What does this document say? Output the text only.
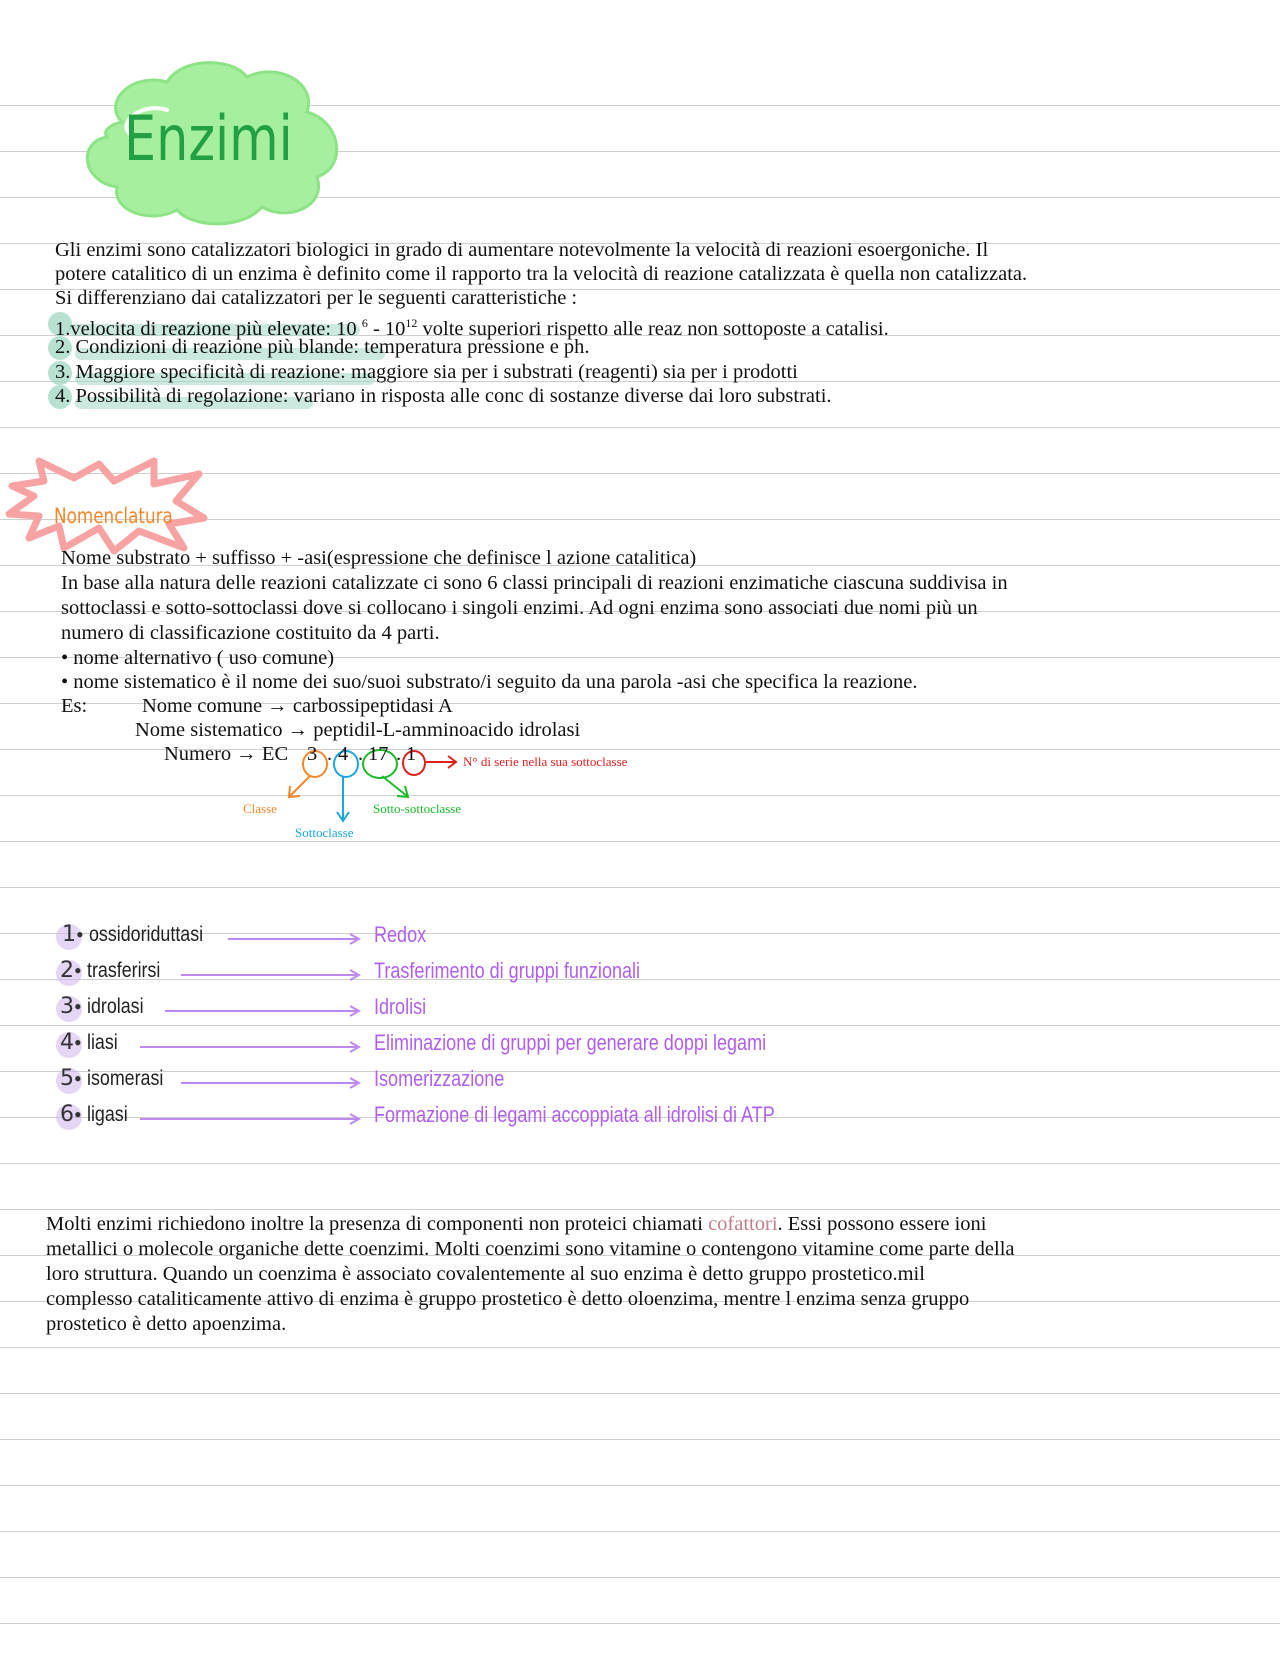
Enzimi
Gli enzimi sono catalizzatori biologici in grado di aumentare notevolmente la velocità di reazioni esoergoniche. Il
potere catalitico di un enzima è definito come il rapporto tra la velocità di reazione catalizzata è quella non catalizzata.
Si differenziano dai catalizzatori per le seguenti caratteristiche :
1.velocita di reazione più elevate: 10 $^6 - 10^{12}$ volte superiori rispetto alle reaz non sottoposte a catalisi.
2. Condizioni di reazione più blande: temperatura pressione e ph.
3. Maggiore specificità di reazione: maggiore sia per i substrati (reagenti) sia per i prodotti
4. Possibilità di regolazione: variano in risposta alle conc di sostanze diverse dai loro substrati.
Nomenclatura
Nome substrato + suffisso + -asi(espressione che definisce l azione catalitica)
In base alla natura delle reazioni catalizzate ci sono 6 classi principali di reazioni enzimatiche ciascuna suddivisa in
sottoclassi e sotto-sottoclassi dove si collocano i singoli enzimi. Ad ogni enzima sono associati due nomi più un
numero di classificazione costituito da 4 parti.
• nome alternativo ( uso comune)
• nome sistematico è il nome dei suo/suoi substrato/i seguito da una parola -asi che specifica la reazione.
Es:	Nome comune → carbossipeptidasi A
Nome sistematico → peptidil-L-amminoacido idrolasi
Numero → EC 3 . 4 . 17 . 1	N° di serie nella sua sottoclasse
Classe
Sottoclasse
Sotto-sottoclasse
1 • ossidoriduttasi	Redox
2 • trasferirsi	Trasferimento di gruppi funzionali
3 • idrolasi	Idrolisi
4 • liasi	Eliminazione di gruppi per generare doppi legami
5 • isomerasi	Isomerizzazione
6 • ligasi	Formazione di legami accoppiata all idrolisi di ATP
Molti enzimi richiedono inoltre la presenza di componenti non proteici chiamati cofattori. Essi possono essere ioni
metallici o molecole organiche dette coenzimi. Molti coenzimi sono vitamine o contengono vitamine come parte della
loro struttura. Quando un coenzima è associato covalentemente al suo enzima è detto gruppo prostetico.mil
complesso cataliticamente attivo di enzima è gruppo prostetico è detto oloenzima, mentre l enzima senza gruppo
prostetico è detto apoenzima.
